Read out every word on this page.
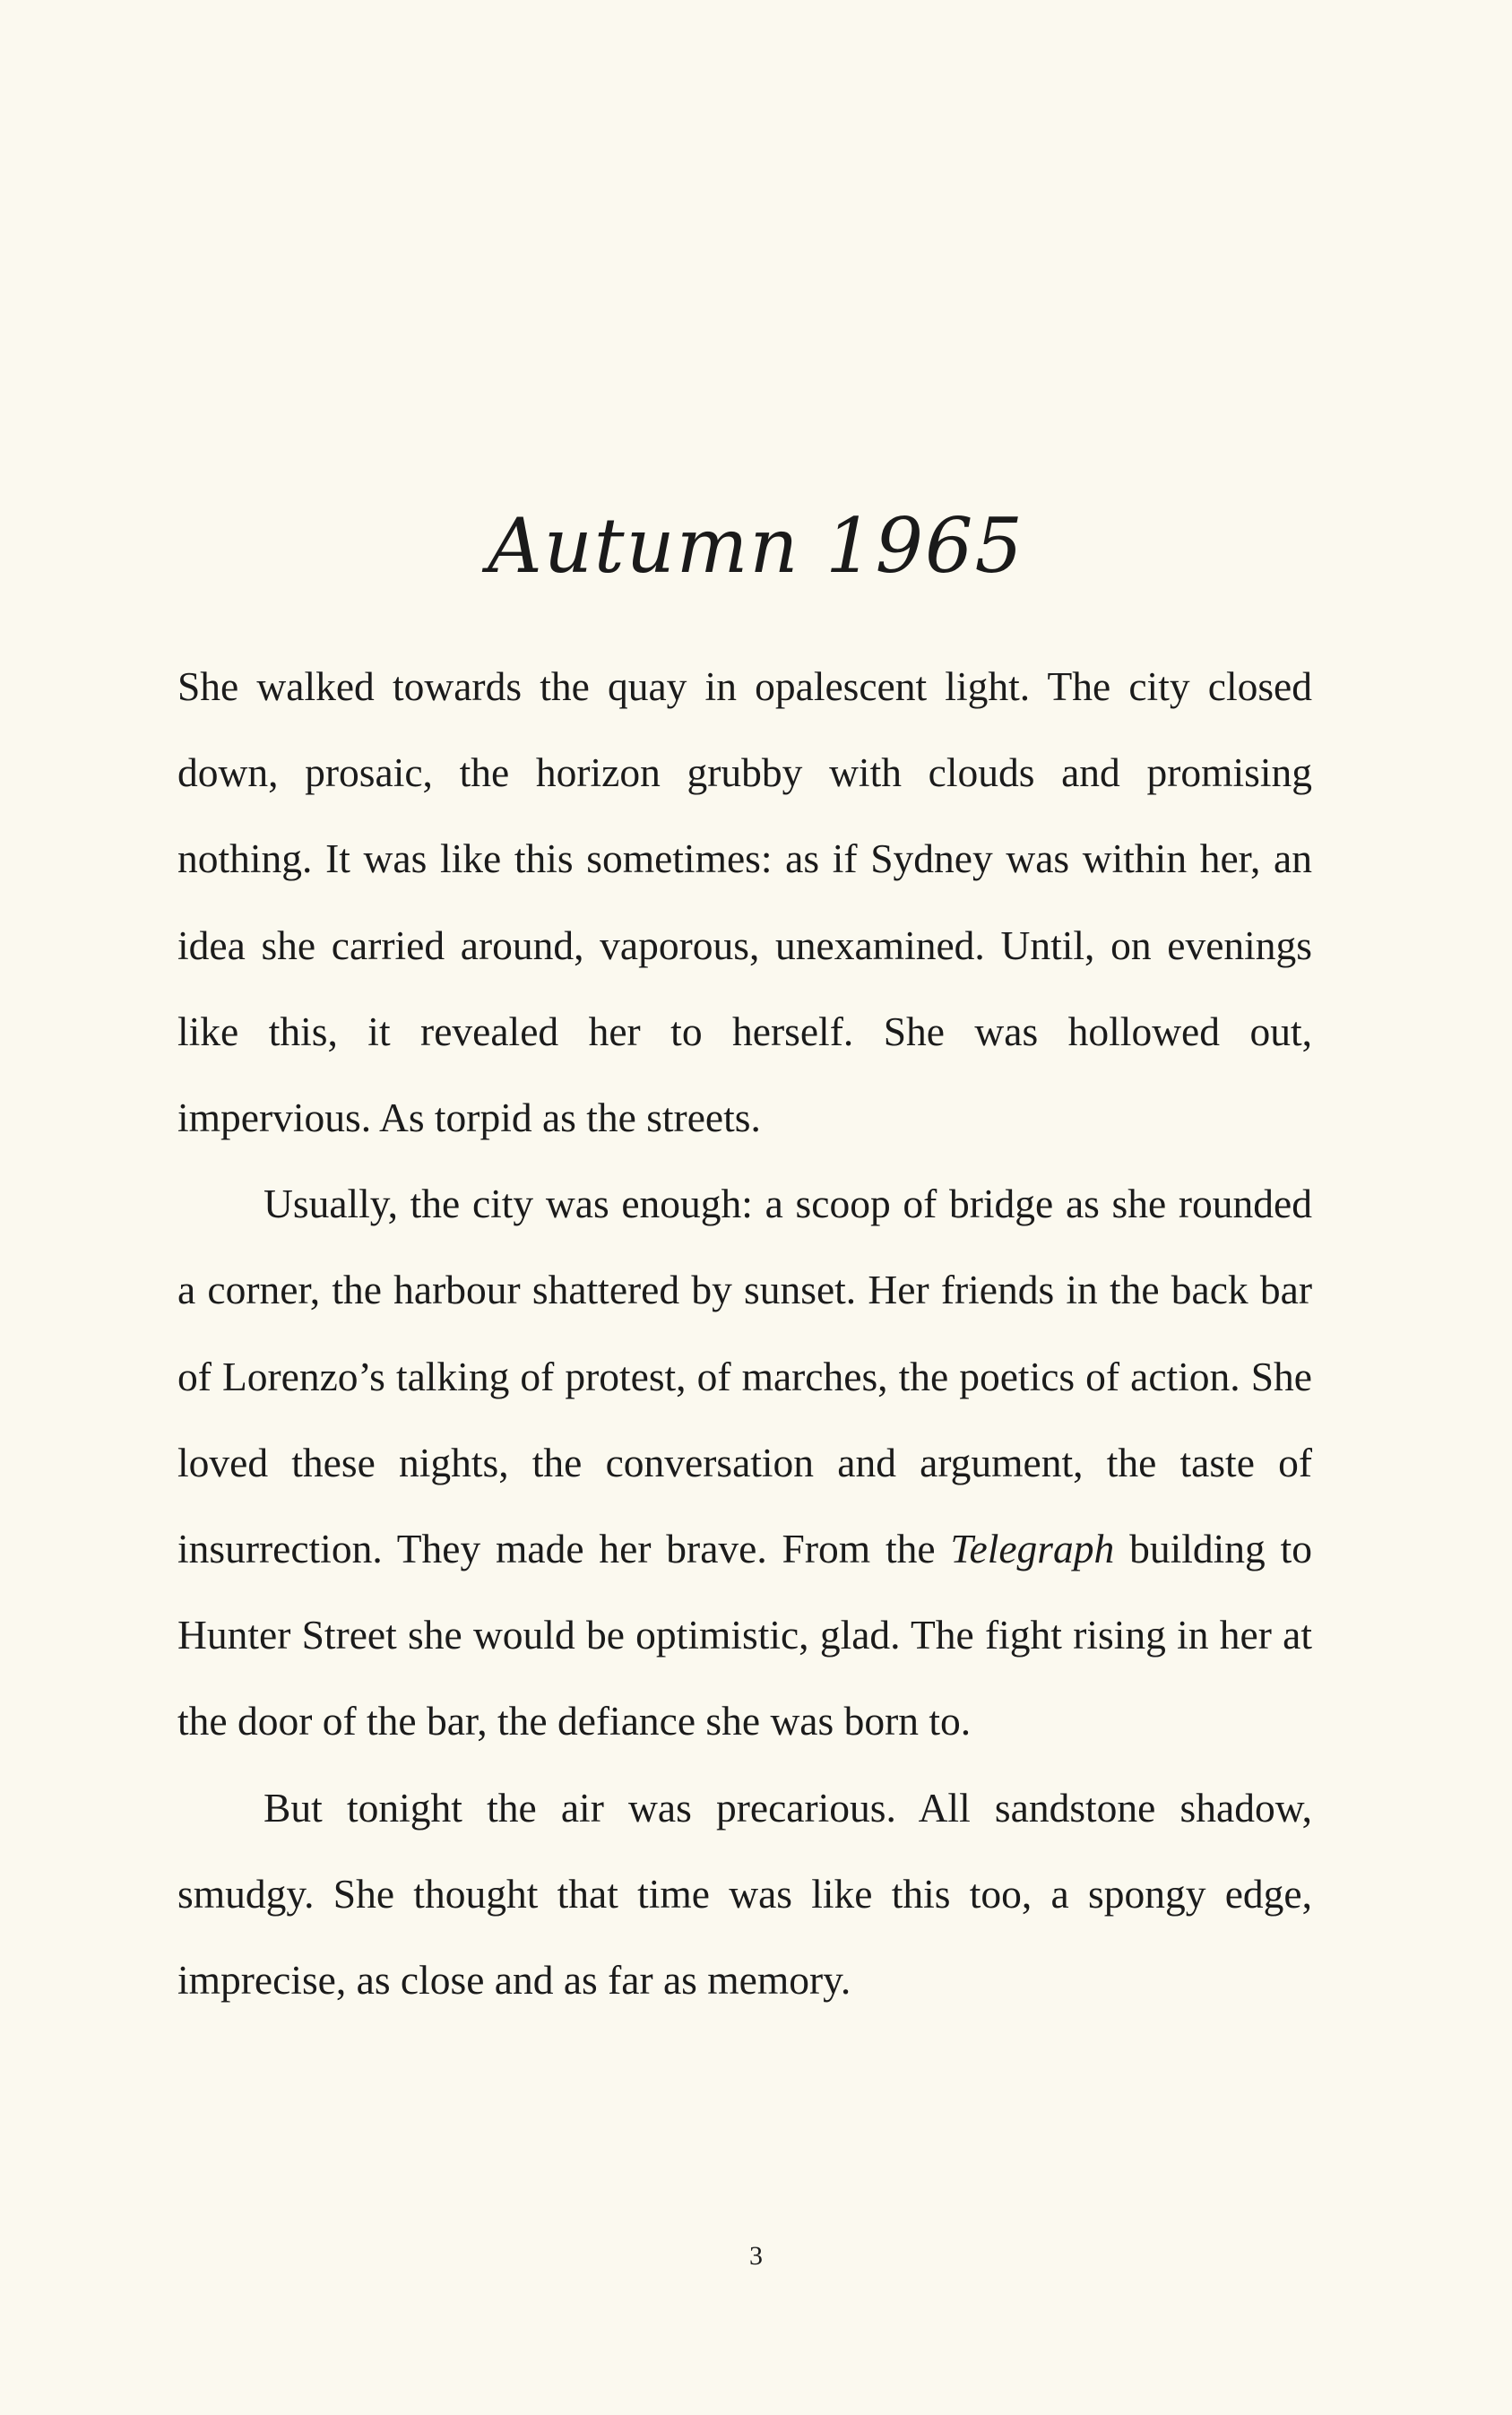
Autumn 1965

She walked towards the quay in opalescent light. The city closed down, prosaic, the horizon grubby with clouds and promising nothing. It was like this sometimes: as if Sydney was within her, an idea she carried around, vaporous, unexamined. Until, on evenings like this, it revealed her to herself. She was hollowed out, impervious. As torpid as the streets.

Usually, the city was enough: a scoop of bridge as she rounded a corner, the harbour shattered by sunset. Her friends in the back bar of Lorenzo’s talking of protest, of marches, the poetics of action. She loved these nights, the conversation and argument, the taste of insurrection. They made her brave. From the Telegraph building to Hunter Street she would be optimistic, glad. The fight rising in her at the door of the bar, the defiance she was born to.

But tonight the air was precarious. All sandstone shadow, smudgy. She thought that time was like this too, a spongy edge, imprecise, as close and as far as memory.

3
